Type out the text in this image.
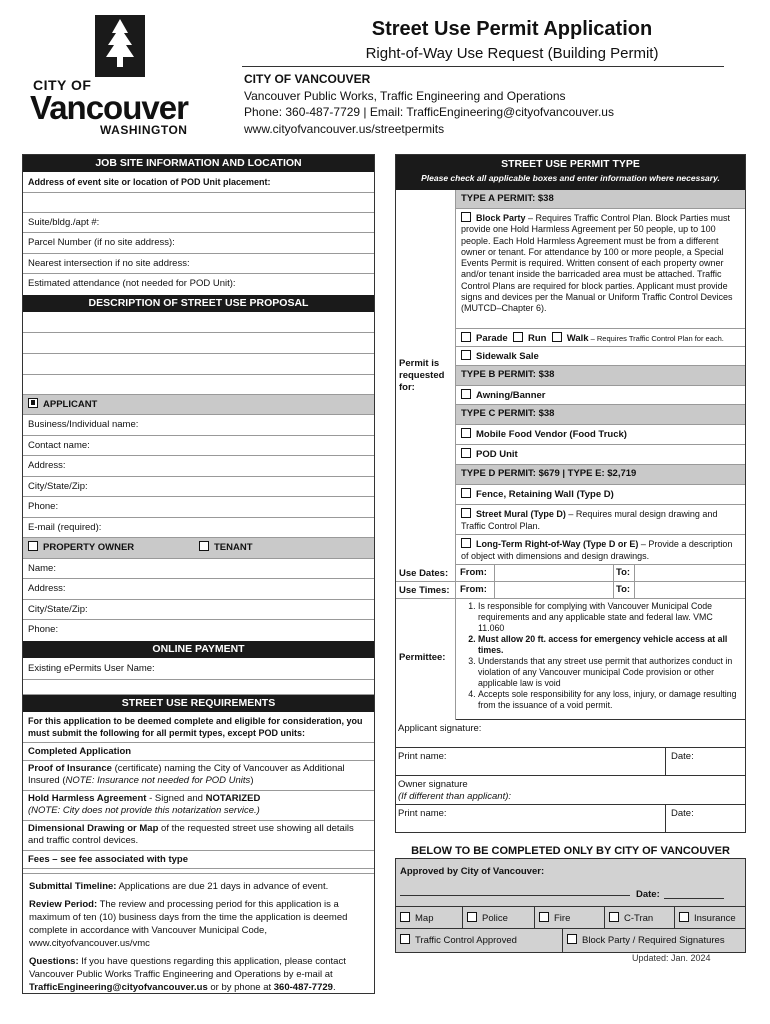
CITY OF
Vancouver
WASHINGTON
Street Use Permit Application
Right-of-Way Use Request (Building Permit)
CITY OF VANCOUVER
Vancouver Public Works, Traffic Engineering and Operations
Phone: 360-487-7729 | Email: TrafficEngineering@cityofvancouver.us
www.cityofvancouver.us/streetpermits
JOB SITE INFORMATION AND LOCATION
Address of event site or location of POD Unit placement:
Suite/bldg./apt #:
Parcel Number (if no site address):
Nearest intersection if no site address:
Estimated attendance (not needed for POD Unit):
DESCRIPTION OF STREET USE PROPOSAL
APPLICANT
Business/Individual name:
Contact name:
Address:
City/State/Zip:
Phone:
E-mail (required):
PROPERTY OWNER	TENANT
Name:
Address:
City/State/Zip:
Phone:
ONLINE PAYMENT
Existing ePermits User Name:
STREET USE REQUIREMENTS
For this application to be deemed complete and eligible for consideration, you must submit the following for all permit types, except POD units:
Completed Application
Proof of Insurance (certificate) naming the City of Vancouver as Additional Insured (NOTE: Insurance not needed for POD Units)
Hold Harmless Agreement - Signed and NOTARIZED
(NOTE: City does not provide this notarization service.)
Dimensional Drawing or Map of the requested street use showing all details and traffic control devices.
Fees – see fee associated with type

Submittal Timeline: Applications are due 21 days in advance of event.

Review Period: The review and processing period for this application is a maximum of ten (10) business days from the time the application is deemed complete in accordance with Vancouver Municipal Code, www.cityofvancouver.us/vmc

Questions: If you have questions regarding this application, please contact Vancouver Public Works Traffic Engineering and Operations by e-mail at TrafficEngineering@cityofvancouver.us or by phone at 360-487-7729.

STREET USE PERMIT TYPE
Please check all applicable boxes and enter information where necessary.
Permit is requested for:
TYPE A PERMIT: $38
Block Party – Requires Traffic Control Plan. Block Parties must provide one Hold Harmless Agreement per 50 people, up to 100 people. Each Hold Harmless Agreement must be from a different owner or tenant. For attendance by 100 or more people, a Special Events Permit is required. Written consent of each property owner and/or tenant inside the barricaded area must be attached. Traffic Control Plans are required for block parties. Applicant must provide signs and devices per the Manual or Uniform Traffic Control Devices (MUTCD–Chapter 6).
Parade Run Walk – Requires Traffic Control Plan for each.
Sidewalk Sale
TYPE B PERMIT: $38
Awning/Banner
TYPE C PERMIT: $38
Mobile Food Vendor (Food Truck)
POD Unit
TYPE D PERMIT: $679 | TYPE E: $2,719
Fence, Retaining Wall (Type D)
Street Mural (Type D) – Requires mural design drawing and Traffic Control Plan.
Long-Term Right-of-Way (Type D or E) – Provide a description of object with dimensions and design drawings.
Use Dates:	From:	To:
Use Times:	From:	To:
Permittee:
1. Is responsible for complying with Vancouver Municipal Code requirements and any applicable state and federal law. VMC 11.060
2. Must allow 20 ft. access for emergency vehicle access at all times.
3. Understands that any street use permit that authorizes conduct in violation of any Vancouver municipal Code provision or other applicable law is void
4. Accepts sole responsibility for any loss, injury, or damage resulting from the issuance of a void permit.
Applicant signature:
Print name:	Date:
Owner signature
(If different than applicant):
Print name:	Date:
BELOW TO BE COMPLETED ONLY BY CITY OF VANCOUVER
Approved by City of Vancouver:
Date:
Map	Police	Fire	C-Tran	Insurance
Traffic Control Approved	Block Party / Required Signatures
Updated: Jan. 2024
